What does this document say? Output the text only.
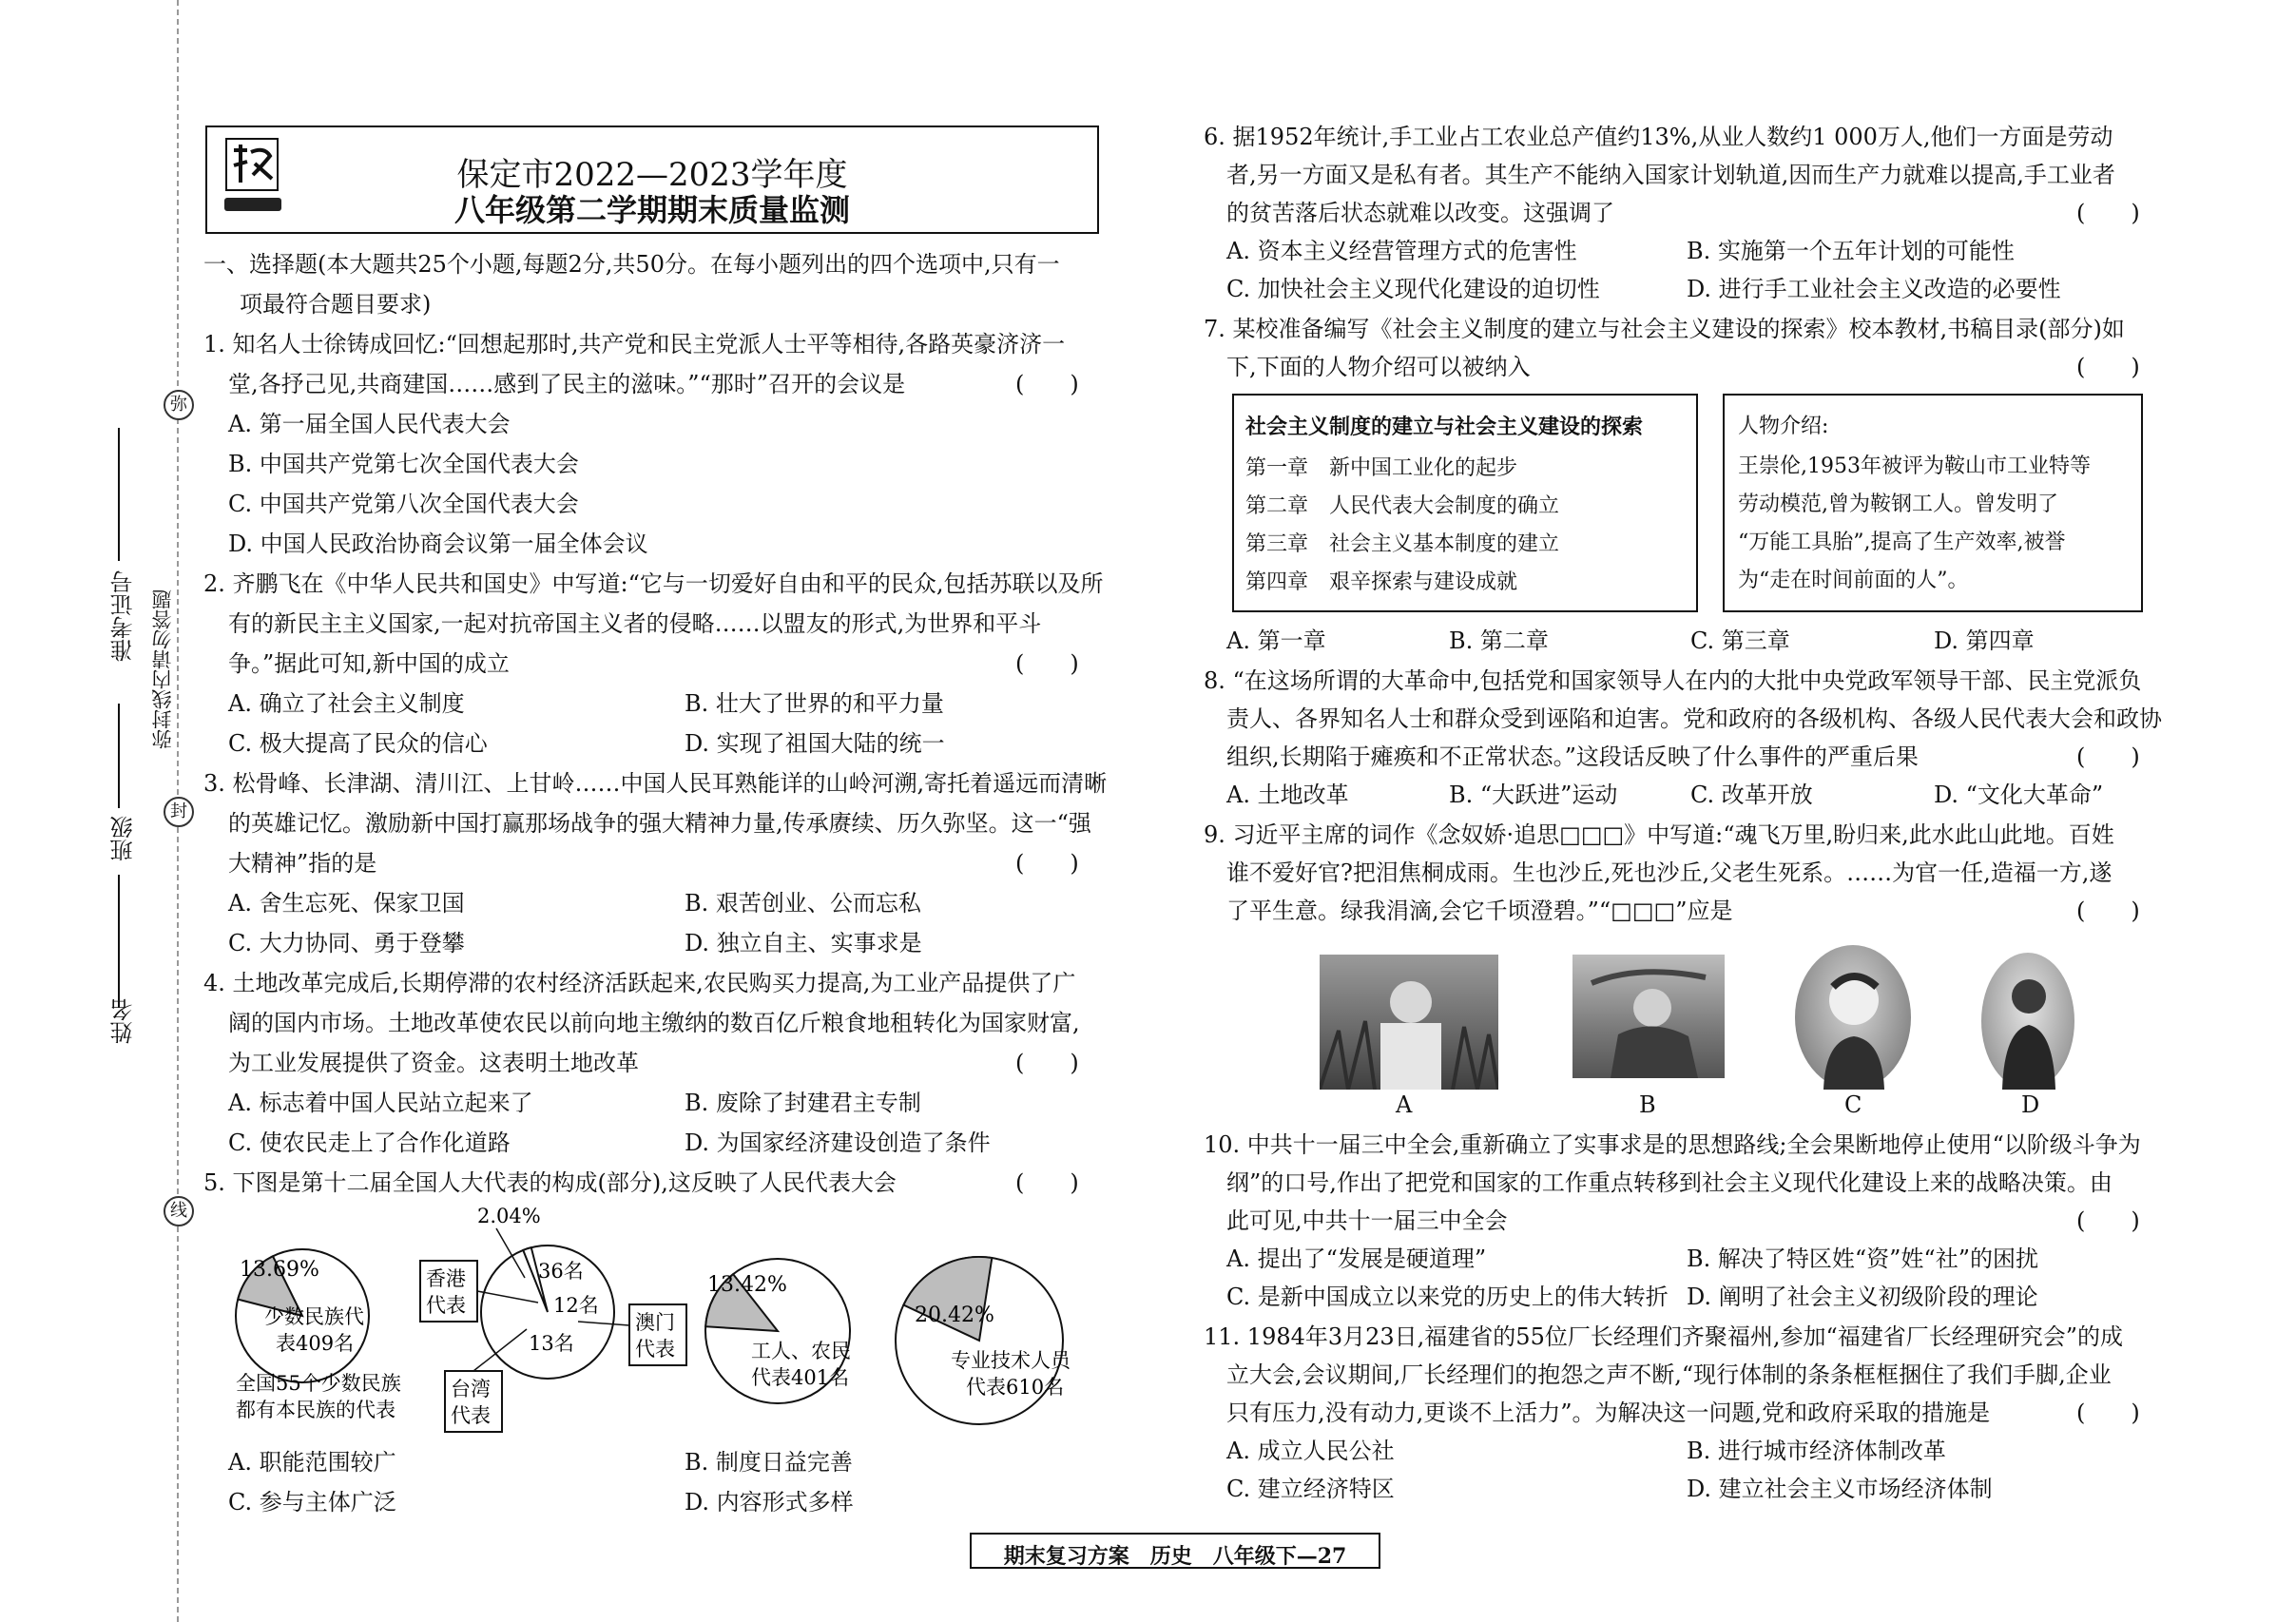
弥
封
线
弥封线内请勿答题
姓名
班级
准考证号
保定市2022—2023学年度
八年级第二学期期末质量监测
一、选择题(本大题共25个小题,每题2分,共50分。在每小题列出的四个选项中,只有一
项最符合题目要求)
1. 知名人士徐铸成回忆:“回想起那时,共产党和民主党派人士平等相待,各路英豪济济一
堂,各抒己见,共商建国……感到了民主的滋味。”“那时”召开的会议是	(　　)
A. 第一届全国人民代表大会
B. 中国共产党第七次全国代表大会
C. 中国共产党第八次全国代表大会
D. 中国人民政治协商会议第一届全体会议
2. 齐鹏飞在《中华人民共和国史》中写道:“它与一切爱好自由和平的民众,包括苏联以及所
有的新民主主义国家,一起对抗帝国主义者的侵略……以盟友的形式,为世界和平斗
争。”据此可知,新中国的成立	(　　)
A. 确立了社会主义制度	B. 壮大了世界的和平力量
C. 极大提高了民众的信心	D. 实现了祖国大陆的统一
3. 松骨峰、长津湖、清川江、上甘岭……中国人民耳熟能详的山岭河溯,寄托着遥远而清晰
的英雄记忆。激励新中国打赢那场战争的强大精神力量,传承赓续、历久弥坚。这一“强
大精神”指的是	(　　)
A. 舍生忘死、保家卫国	B. 艰苦创业、公而忘私
C. 大力协同、勇于登攀	D. 独立自主、实事求是
4. 土地改革完成后,长期停滞的农村经济活跃起来,农民购买力提高,为工业产品提供了广
阔的国内市场。土地改革使农民以前向地主缴纳的数百亿斤粮食地租转化为国家财富,
为工业发展提供了资金。这表明土地改革	(　　)
A. 标志着中国人民站立起来了	B. 废除了封建君主专制
C. 使农民走上了合作化道路	D. 为国家经济建设创造了条件
5. 下图是第十二届全国人大代表的构成(部分),这反映了人民代表大会	(　　)
13.69%
少数民族代
表409名
全国55个少数民族
都有本民族的代表
2.04%
36名
12名
13名
香港
代表
澳门
代表
台湾
代表
13.42%
工人、农民
代表401名
20.42%
专业技术人员
代表610名
A. 职能范围较广	B. 制度日益完善
C. 参与主体广泛	D. 内容形式多样
6. 据1952年统计,手工业占工农业总产值约13%,从业人数约1 000万人,他们一方面是劳动
者,另一方面又是私有者。其生产不能纳入国家计划轨道,因而生产力就难以提高,手工业者
的贫苦落后状态就难以改变。这强调了	(　　)
A. 资本主义经营管理方式的危害性	B. 实施第一个五年计划的可能性
C. 加快社会主义现代化建设的迫切性	D. 进行手工业社会主义改造的必要性
7. 某校准备编写《社会主义制度的建立与社会主义建设的探索》校本教材,书稿目录(部分)如
下,下面的人物介绍可以被纳入	(　　)
社会主义制度的建立与社会主义建设的探索
第一章　新中国工业化的起步
第二章　人民代表大会制度的确立
第三章　社会主义基本制度的建立
第四章　艰辛探索与建设成就
人物介绍:
王崇伦,1953年被评为鞍山市工业特等
劳动模范,曾为鞍钢工人。曾发明了
“万能工具胎”,提高了生产效率,被誉
为“走在时间前面的人”。
A. 第一章	B. 第二章	C. 第三章	D. 第四章
8. “在这场所谓的大革命中,包括党和国家领导人在内的大批中央党政军领导干部、民主党派负
责人、各界知名人士和群众受到诬陷和迫害。党和政府的各级机构、各级人民代表大会和政协
组织,长期陷于瘫痪和不正常状态。”这段话反映了什么事件的严重后果	(　　)
A. 土地改革	B. “大跃进”运动	C. 改革开放	D. “文化大革命”
9. 习近平主席的词作《念奴娇·追思□□□》中写道:“魂飞万里,盼归来,此水此山此地。百姓
谁不爱好官?把泪焦桐成雨。生也沙丘,死也沙丘,父老生死系。……为官一任,造福一方,遂
了平生意。绿我涓滴,会它千顷澄碧。”“□□□”应是	(　　)
A	B	C	D
10. 中共十一届三中全会,重新确立了实事求是的思想路线;全会果断地停止使用“以阶级斗争为
纲”的口号,作出了把党和国家的工作重点转移到社会主义现代化建设上来的战略决策。由
此可见,中共十一届三中全会	(　　)
A. 提出了“发展是硬道理”	B. 解决了特区姓“资”姓“社”的困扰
C. 是新中国成立以来党的历史上的伟大转折 D. 阐明了社会主义初级阶段的理论
11. 1984年3月23日,福建省的55位厂长经理们齐聚福州,参加“福建省厂长经理研究会”的成
立大会,会议期间,厂长经理们的抱怨之声不断,“现行体制的条条框框捆住了我们手脚,企业
只有压力,没有动力,更谈不上活力”。为解决这一问题,党和政府采取的措施是	(　　)
A. 成立人民公社	B. 进行城市经济体制改革
C. 建立经济特区	D. 建立社会主义市场经济体制
期末复习方案　历史　八年级下—27
